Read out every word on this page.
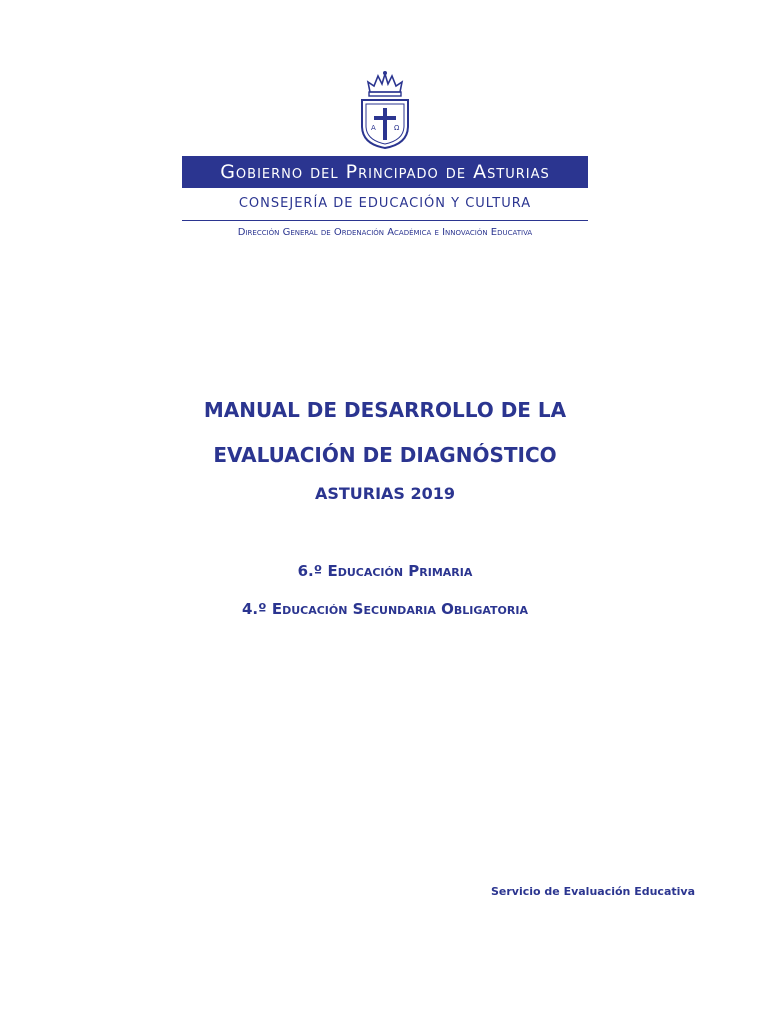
A	Ω
Gobierno del Principado de Asturias
CONSEJERÍA DE EDUCACIÓN Y CULTURA
Dirección General de Ordenación Académica e Innovación Educativa
MANUAL DE DESARROLLO DE LA
EVALUACIÓN DE DIAGNÓSTICO
ASTURIAS 2019
6.º Educación Primaria
4.º Educación Secundaria Obligatoria
Servicio de Evaluación Educativa
